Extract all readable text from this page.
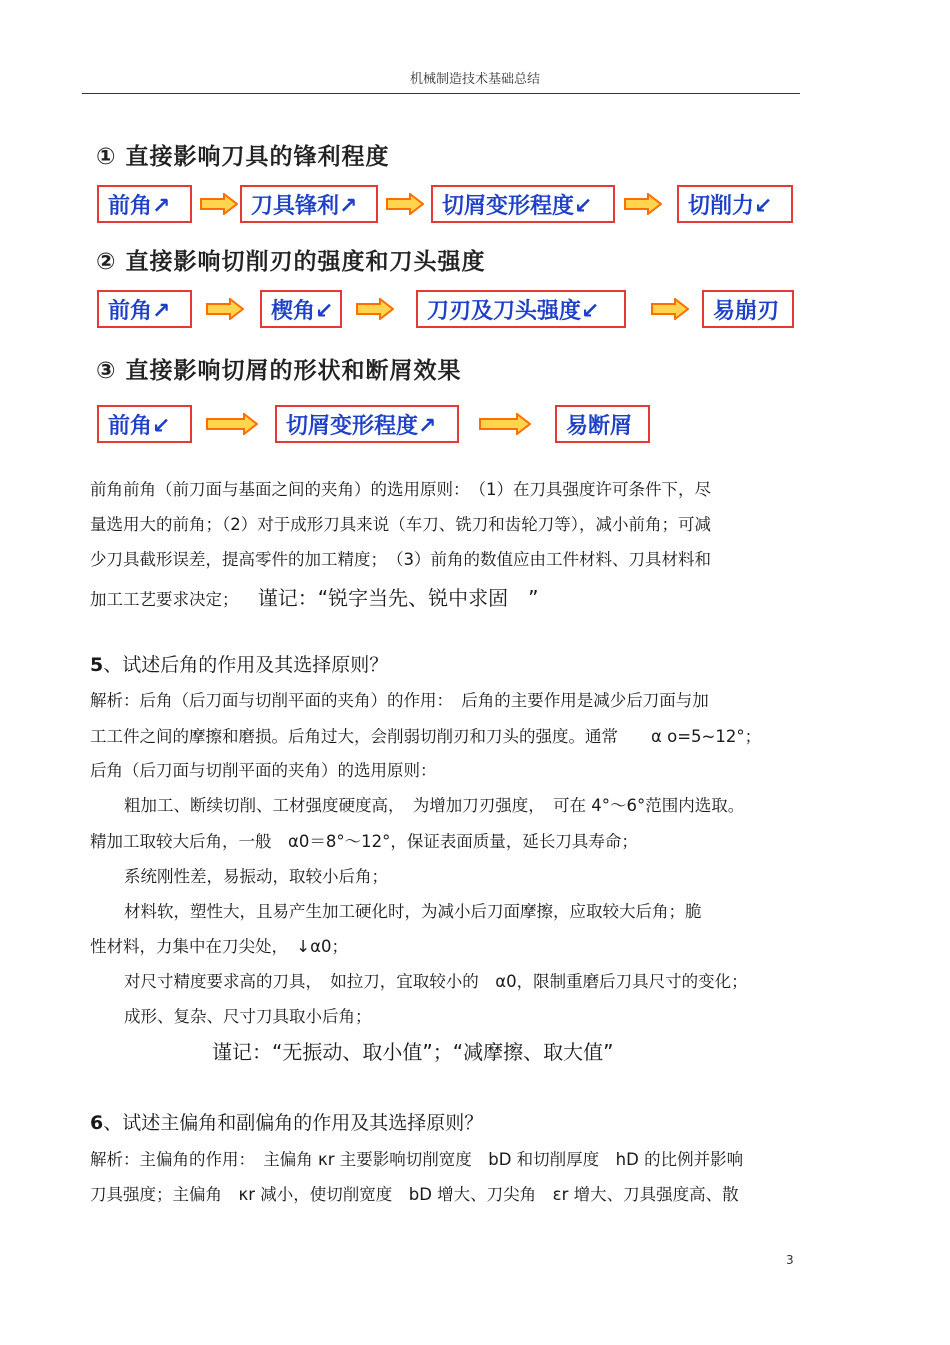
机械制造技术基础总结
① 直接影响刀具的锋利程度
前角↗	刀具锋利↗	切屑变形程度↙	切削力↙
② 直接影响切削刃的强度和刀头强度
前角↗	楔角↙	刀刃及刀头强度↙	易崩刃
③ 直接影响切屑的形状和断屑效果
前角↙	切屑变形程度↗	易断屑
前角前角（前刀面与基面之间的夹角）的选用原则：　（1）在刀具强度许可条件下，尽
量选用大的前角；（2）对于成形刀具来说（车刀、铣刀和齿轮刀等），减小前角；可减
少刀具截形误差，提高零件的加工精度；　（3）前角的数值应由工件材料、刀具材料和
加工工艺要求决定； 谨记：“锐字当先、锐中求固　”
5、试述后角的作用及其选择原则？
解析：后角（后刀面与切削平面的夹角）的作用：　后角的主要作用是减少后刀面与加
工工件之间的摩擦和磨损。后角过大，会削弱切削刃和刀头的强度。通常　　α o=5~12°；
后角（后刀面与切削平面的夹角）的选用原则：
粗加工、断续切削、工材强度硬度高，　为增加刀刃强度，　可在 4°～6°范围内选取。
精加工取较大后角，一般　α0＝8°～12°，保证表面质量，延长刀具寿命；
系统刚性差，易振动，取较小后角；
材料软，塑性大，且易产生加工硬化时，为减小后刀面摩擦，应取较大后角；脆
性材料，力集中在刀尖处，　↓α0；
对尺寸精度要求高的刀具，　如拉刀，宜取较小的　α0，限制重磨后刀具尺寸的变化；
成形、复杂、尺寸刀具取小后角；
谨记：“无振动、取小值”；“减摩擦、取大值”
6、试述主偏角和副偏角的作用及其选择原则？
解析：主偏角的作用：　主偏角 κr 主要影响切削宽度　bD 和切削厚度　hD 的比例并影响
刀具强度；主偏角　κr 减小，使切削宽度　bD 增大、刀尖角　εr 增大、刀具强度高、散
3
